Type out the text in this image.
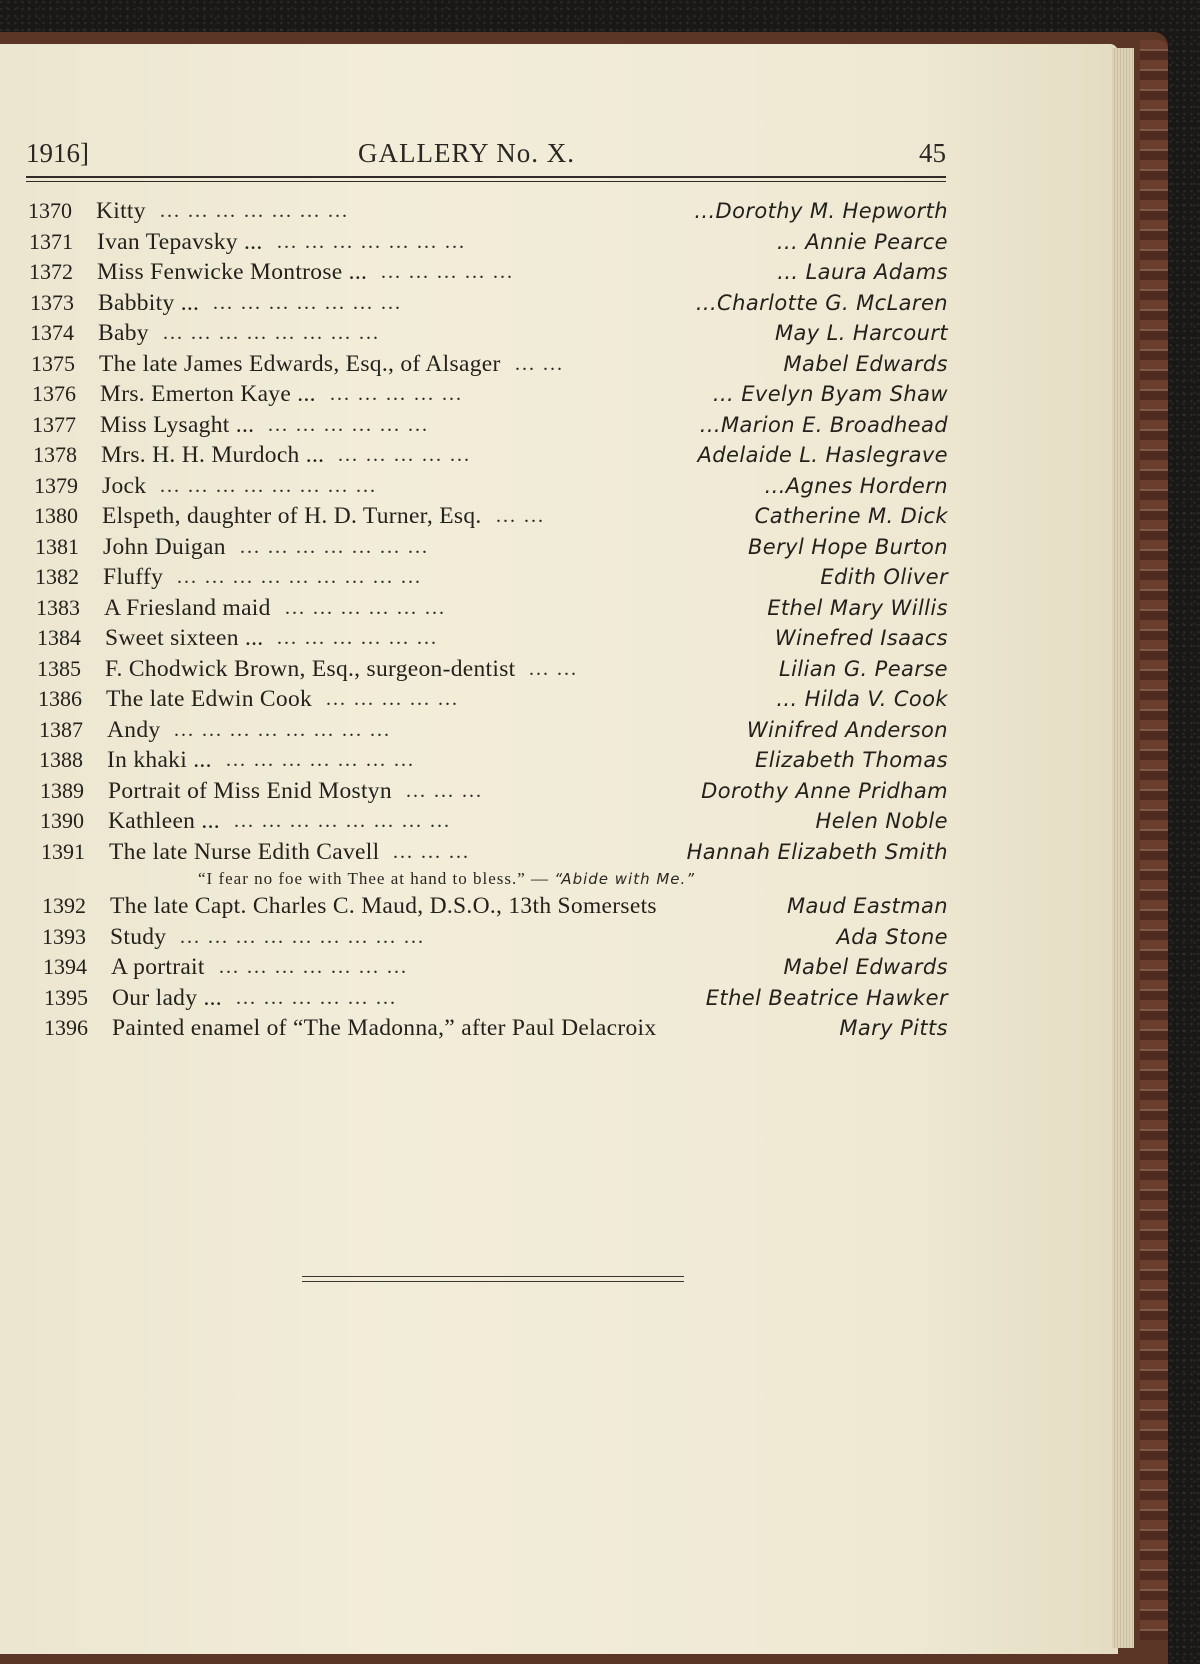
1916]	GALLERY No. X.	45
1370 Kitty ... ... ... ... ... ... ...	...Dorothy M. Hepworth
1371 Ivan Tepavsky ... ... ... ... ... ... ... ...	... Annie Pearce
1372 Miss Fenwicke Montrose ... ... ... ... ... ...	... Laura Adams
1373 Babbity ... ... ... ... ... ... ... ...	...Charlotte G. McLaren
1374 Baby ... ... ... ... ... ... ... ...	May L. Harcourt
1375 The late James Edwards, Esq., of Alsager ... ...	Mabel Edwards
1376 Mrs. Emerton Kaye ... ... ... ... ... ...	... Evelyn Byam Shaw
1377 Miss Lysaght ... ... ... ... ... ... ...	...Marion E. Broadhead
1378 Mrs. H. H. Murdoch ... ... ... ... ... ...	Adelaide L. Haslegrave
1379 Jock ... ... ... ... ... ... ... ...	...Agnes Hordern
1380 Elspeth, daughter of H. D. Turner, Esq. ... ...	Catherine M. Dick
1381 John Duigan ... ... ... ... ... ... ...	Beryl Hope Burton
1382 Fluffy ... ... ... ... ... ... ... ... ...	Edith Oliver
1383 A Friesland maid ... ... ... ... ... ...	Ethel Mary Willis
1384 Sweet sixteen ... ... ... ... ... ... ...	Winefred Isaacs
1385 F. Chodwick Brown, Esq., surgeon-dentist ... ...	Lilian G. Pearse
1386 The late Edwin Cook ... ... ... ... ...	... Hilda V. Cook
1387 Andy ... ... ... ... ... ... ... ...	Winifred Anderson
1388 In khaki ... ... ... ... ... ... ... ...	Elizabeth Thomas
1389 Portrait of Miss Enid Mostyn ... ... ...	Dorothy Anne Pridham
1390 Kathleen ... ... ... ... ... ... ... ... ...	Helen Noble
1391 The late Nurse Edith Cavell ... ... ...	Hannah Elizabeth Smith
“I fear no foe with Thee at hand to bless.” — “Abide with Me.”
1392 The late Capt. Charles C. Maud, D.S.O., 13th Somersets	Maud Eastman
1393 Study ... ... ... ... ... ... ... ... ...	Ada Stone
1394 A portrait ... ... ... ... ... ... ...	Mabel Edwards
1395 Our lady ... ... ... ... ... ... ...	Ethel Beatrice Hawker
1396 Painted enamel of “The Madonna,” after Paul Delacroix	Mary Pitts
